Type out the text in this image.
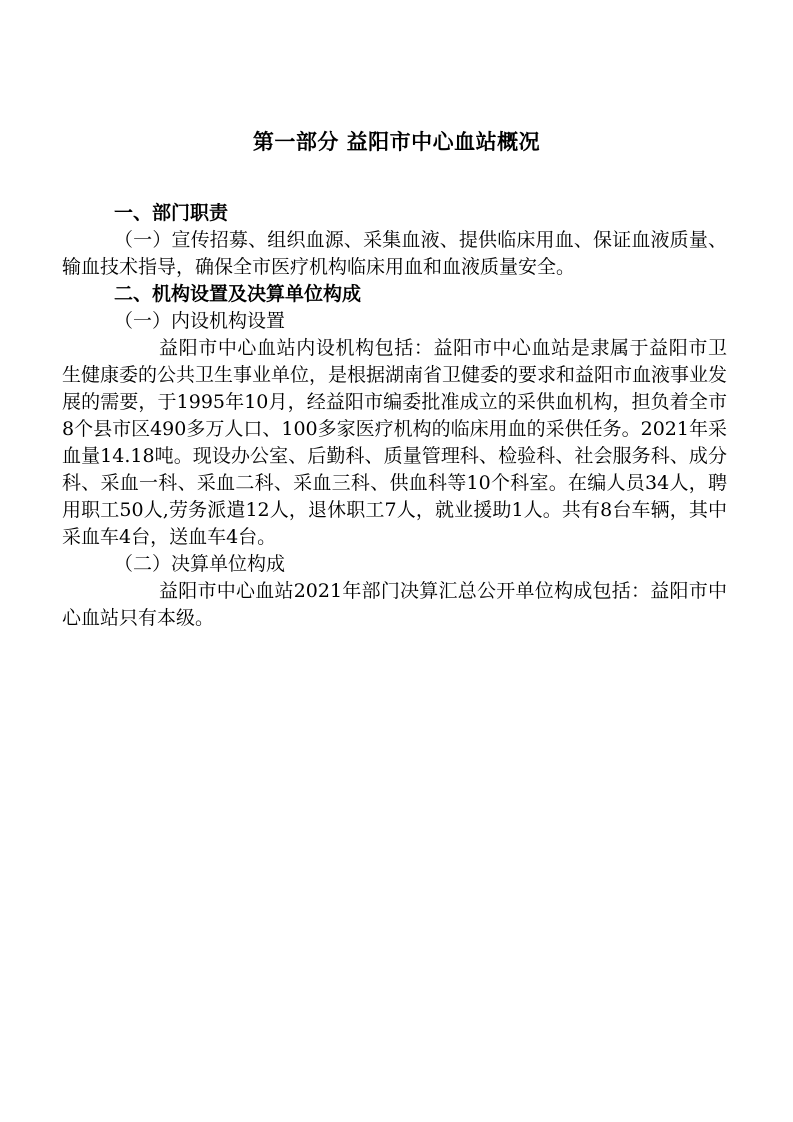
第一部分 益阳市中心血站概况

一、部门职责

（一）宣传招募、组织血源、采集血液、提供临床用血、保证血液质量、输血技术指导，确保全市医疗机构临床用血和血液质量安全。

二、机构设置及决算单位构成

（一）内设机构设置

益阳市中心血站内设机构包括：益阳市中心血站是隶属于益阳市卫生健康委的公共卫生事业单位，是根据湖南省卫健委的要求和益阳市血液事业发展的需要，于1995年10月，经益阳市编委批准成立的采供血机构，担负着全市8个县市区490多万人口、100多家医疗机构的临床用血的采供任务。2021年采血量14.18吨。现设办公室、后勤科、质量管理科、检验科、社会服务科、成分科、采血一科、采血二科、采血三科、供血科等10个科室。在编人员34人，聘用职工50人,劳务派遣12人，退休职工7人，就业援助1人。共有8台车辆，其中采血车4台，送血车4台。

（二）决算单位构成

益阳市中心血站2021年部门决算汇总公开单位构成包括：益阳市中心血站只有本级。
